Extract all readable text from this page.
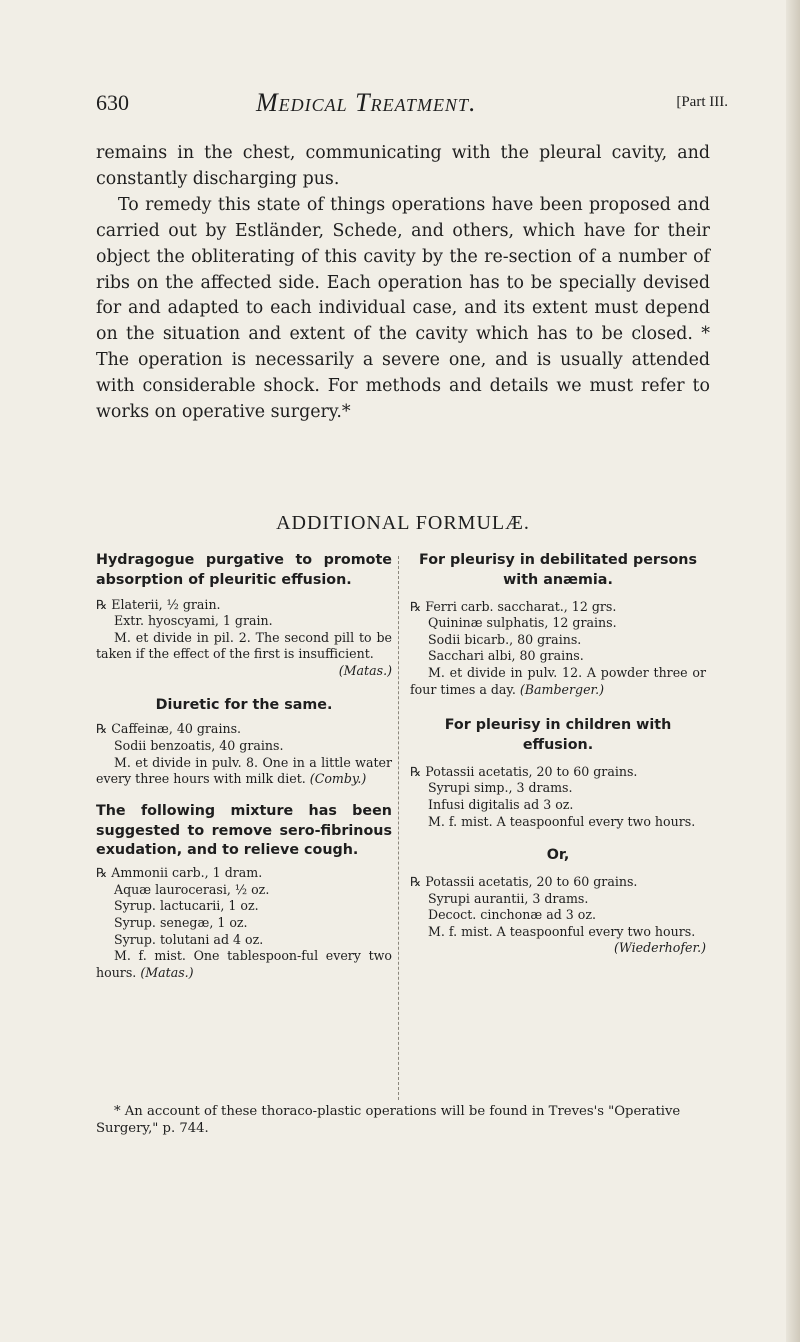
630	Medical Treatment.	[Part III.

remains in the chest, communicating with the pleural cavity, and constantly discharging pus.

To remedy this state of things operations have been proposed and carried out by Estländer, Schede, and others, which have for their object the obliterating of this cavity by the re-section of a number of ribs on the affected side. Each operation has to be specially devised for and adapted to each individual case, and its extent must depend on the situation and extent of the cavity which has to be closed. * The operation is necessarily a severe one, and is usually attended with considerable shock. For methods and details we must refer to works on operative surgery.*

ADDITIONAL FORMULÆ.

Hydragogue purgative to promote absorption of pleuritic effusion.

℞ Elaterii, ½ grain.

Extr. hyoscyami, 1 grain.

M. et divide in pil. 2. The second pill to be taken if the effect of the first is insufficient.

(Matas.)

Diuretic for the same.

℞ Caffeinæ, 40 grains.

Sodii benzoatis, 40 grains.

M. et divide in pulv. 8. One in a little water every three hours with milk diet. (Comby.)

The following mixture has been suggested to remove sero-fibrinous exudation, and to relieve cough.

℞ Ammonii carb., 1 dram.

Aquæ laurocerasi, ½ oz.

Syrup. lactucarii, 1 oz.

Syrup. senegæ, 1 oz.

Syrup. tolutani ad 4 oz.

M. f. mist. One tablespoon-ful every two hours. (Matas.)

For pleurisy in debilitated persons with anæmia.

℞ Ferri carb. saccharat., 12 grs.

Quininæ sulphatis, 12 grains.

Sodii bicarb., 80 grains.

Sacchari albi, 80 grains.

M. et divide in pulv. 12. A powder three or four times a day. (Bamberger.)

For pleurisy in children with effusion.

℞ Potassii acetatis, 20 to 60 grains.

Syrupi simp., 3 drams.

Infusi digitalis ad 3 oz.

M. f. mist. A teaspoonful every two hours.

Or,

℞ Potassii acetatis, 20 to 60 grains.

Syrupi aurantii, 3 drams.

Decoct. cinchonæ ad 3 oz.

M. f. mist. A teaspoonful every two hours.

(Wiederhofer.)
* An account of these thoraco-plastic operations will be found in Treves's "Operative Surgery," p. 744.
